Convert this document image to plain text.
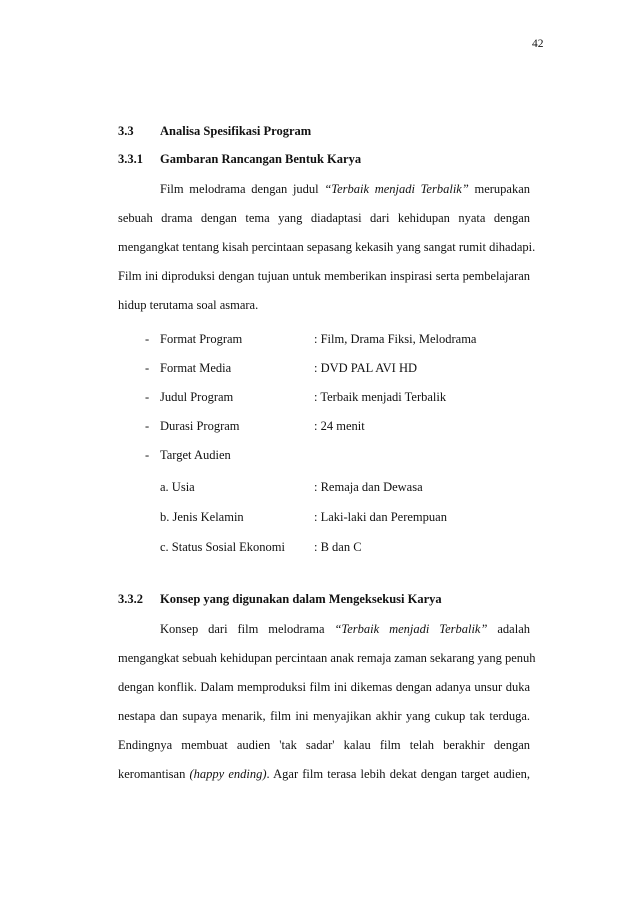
42
3.3 Analisa Spesifikasi Program
3.3.1 Gambaran Rancangan Bentuk Karya
Film melodrama dengan judul “Terbaik menjadi Terbalik” merupakan
sebuah drama dengan tema yang diadaptasi dari kehidupan nyata dengan
mengangkat tentang kisah percintaan sepasang kekasih yang sangat rumit dihadapi.
Film ini diproduksi dengan tujuan untuk memberikan inspirasi serta pembelajaran
hidup terutama soal asmara.
- Format Program	: Film, Drama Fiksi, Melodrama
- Format Media	: DVD PAL AVI HD
- Judul Program	: Terbaik menjadi Terbalik
- Durasi Program	: 24 menit
- Target Audien
a. Usia	: Remaja dan Dewasa
b. Jenis Kelamin	: Laki-laki dan Perempuan
c. Status Sosial Ekonomi : B dan C
3.3.2 Konsep yang digunakan dalam Mengeksekusi Karya
Konsep dari film melodrama “Terbaik menjadi Terbalik” adalah
mengangkat sebuah kehidupan percintaan anak remaja zaman sekarang yang penuh
dengan konflik. Dalam memproduksi film ini dikemas dengan adanya unsur duka
nestapa dan supaya menarik, film ini menyajikan akhir yang cukup tak terduga.
Endingnya membuat audien 'tak sadar' kalau film telah berakhir dengan
keromantisan (happy ending). Agar film terasa lebih dekat dengan target audien,
